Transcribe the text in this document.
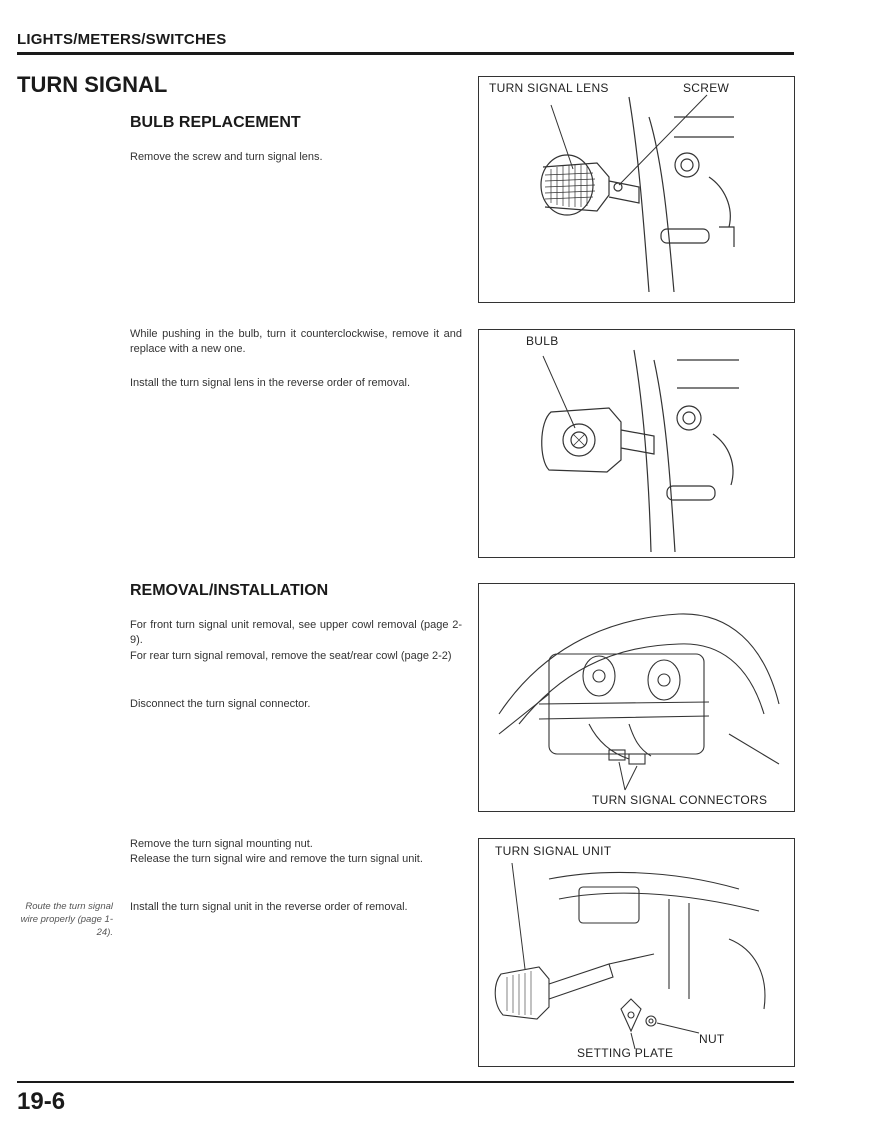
LIGHTS/METERS/SWITCHES
TURN SIGNAL
BULB REPLACEMENT
Remove the screw and turn signal lens.
While pushing in the bulb, turn it counterclockwise, remove it and replace with a new one.
Install the turn signal lens in the reverse order of removal.
REMOVAL/INSTALLATION
For front turn signal unit removal, see upper cowl removal (page 2-9).
For rear turn signal removal, remove the seat/rear cowl (page 2-2)
Disconnect the turn signal connector.
Remove the turn signal mounting nut.
Release the turn signal wire and remove the turn signal unit.
Install the turn signal unit in the reverse order of removal.
Route the turn signal wire properly (page 1-24).
TURN SIGNAL LENS	SCREW
BULB
TURN SIGNAL CONNECTORS
TURN SIGNAL UNIT
NUT
SETTING PLATE
19-6
